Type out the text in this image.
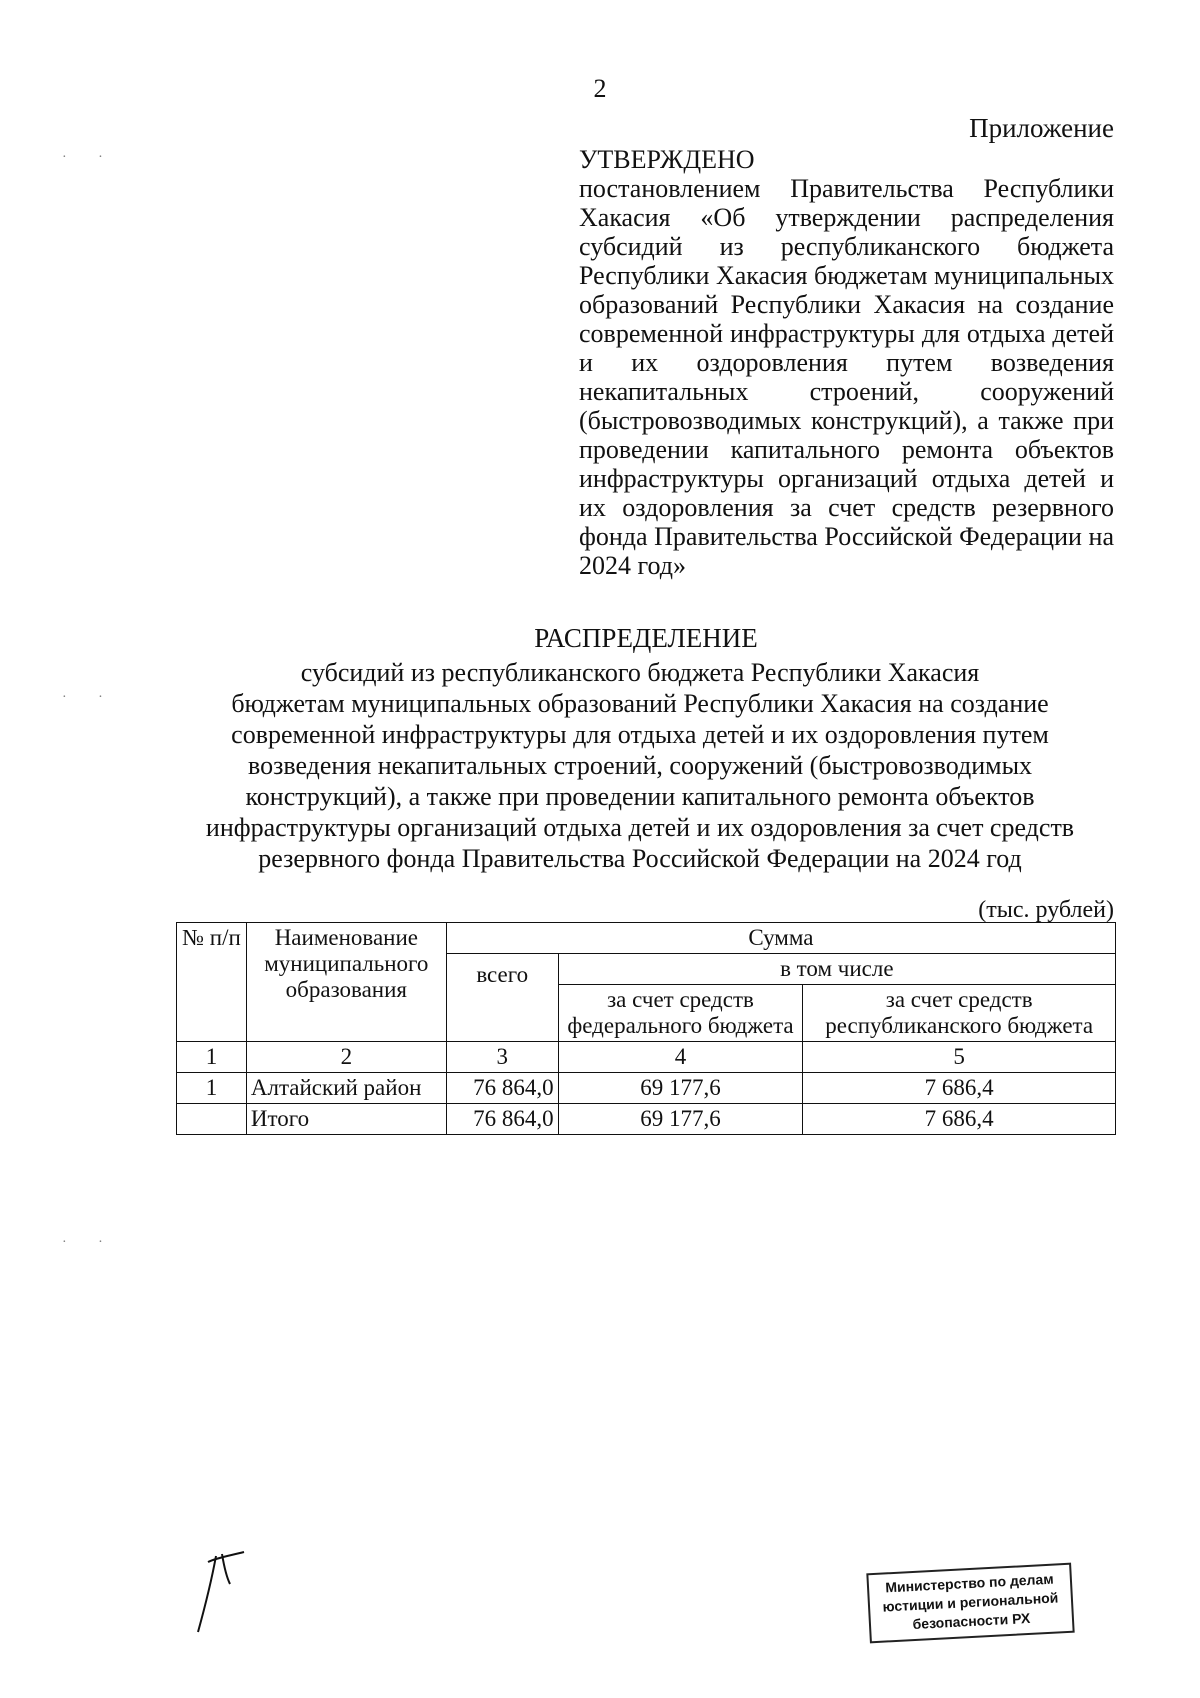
2
Приложение
УТВЕРЖДЕНО
постановлением Правительства Республики Хакасия «Об утверждении распределения субсидий из республиканского бюджета Республики Хакасия бюджетам муниципальных образований Республики Хакасия на создание современной инфраструктуры для отдыха детей и их оздоровления путем возведения некапитальных строений, сооружений (быстровозводимых конструкций), а также при проведении капитального ремонта объектов инфраструктуры организаций отдыха детей и их оздоровления за счет средств резервного фонда Правительства Российской Федерации на 2024 год»
РАСПРЕДЕЛЕНИЕ
субсидий из республиканского бюджета Республики Хакасия
бюджетам муниципальных образований Республики Хакасия на создание
современной инфраструктуры для отдыха детей и их оздоровления путем
возведения некапитальных строений, сооружений (быстровозводимых
конструкций), а также при проведении капитального ремонта объектов
инфраструктуры организаций отдыха детей и их оздоровления за счет средств
резервного фонда Правительства Российской Федерации на 2024 год
(тыс. рублей)
№ п/п	Наименование муниципального образования	Сумма		
		всего	в том числе	
			за счет средств федерального бюджета	за счет средств республиканского бюджета
1	2	3	4	5
1	Алтайский район	76 864,0	69 177,6	7 686,4
	Итого	76 864,0	69 177,6	7 686,4
· ·
· ·
· ·
Министерство по делам
юстиции и региональной
безопасности РХ
